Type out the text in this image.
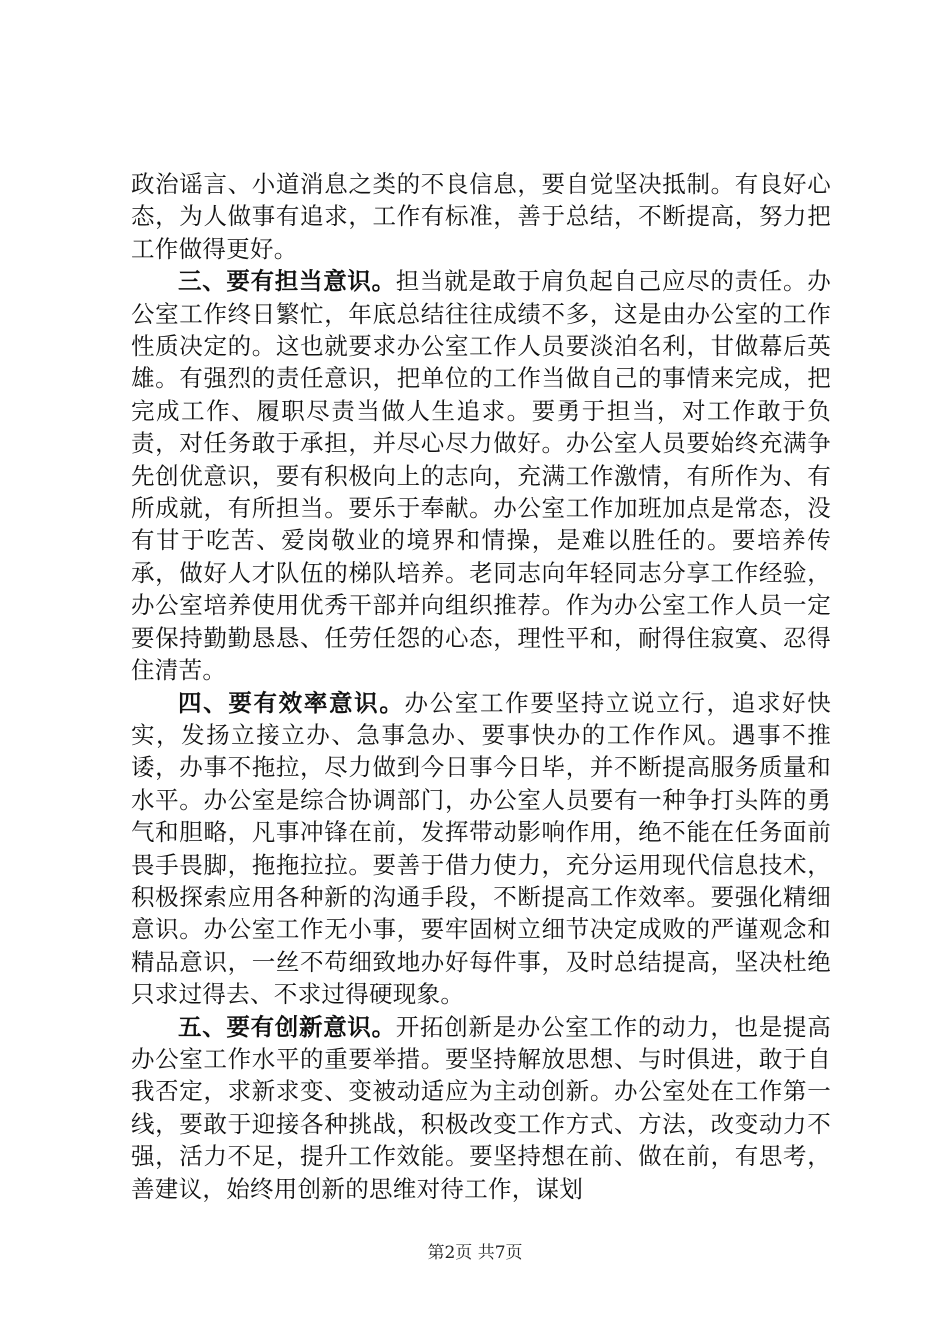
政治谣言、小道消息之类的不良信息，要自觉坚决抵制。有良好心态，为人做事有追求，工作有标准，善于总结，不断提高，努力把工作做得更好。

三、要有担当意识。担当就是敢于肩负起自己应尽的责任。办公室工作终日繁忙，年底总结往往成绩不多，这是由办公室的工作性质决定的。这也就要求办公室工作人员要淡泊名利，甘做幕后英雄。有强烈的责任意识，把单位的工作当做自己的事情来完成，把完成工作、履职尽责当做人生追求。要勇于担当，对工作敢于负责，对任务敢于承担，并尽心尽力做好。办公室人员要始终充满争先创优意识，要有积极向上的志向，充满工作激情，有所作为、有所成就，有所担当。要乐于奉献。办公室工作加班加点是常态，没有甘于吃苦、爱岗敬业的境界和情操，是难以胜任的。要培养传承，做好人才队伍的梯队培养。老同志向年轻同志分享工作经验，办公室培养使用优秀干部并向组织推荐。作为办公室工作人员一定要保持勤勤恳恳、任劳任怨的心态，理性平和，耐得住寂寞、忍得住清苦。

四、要有效率意识。办公室工作要坚持立说立行，追求好快实，发扬立接立办、急事急办、要事快办的工作作风。遇事不推诿，办事不拖拉，尽力做到今日事今日毕，并不断提高服务质量和水平。办公室是综合协调部门，办公室人员要有一种争打头阵的勇气和胆略，凡事冲锋在前，发挥带动影响作用，绝不能在任务面前畏手畏脚，拖拖拉拉。要善于借力使力，充分运用现代信息技术，积极探索应用各种新的沟通手段，不断提高工作效率。要强化精细意识。办公室工作无小事，要牢固树立细节决定成败的严谨观念和精品意识，一丝不苟细致地办好每件事，及时总结提高，坚决杜绝只求过得去、不求过得硬现象。

五、要有创新意识。开拓创新是办公室工作的动力，也是提高办公室工作水平的重要举措。要坚持解放思想、与时俱进，敢于自我否定，求新求变、变被动适应为主动创新。办公室处在工作第一线，要敢于迎接各种挑战，积极改变工作方式、方法，改变动力不强，活力不足，提升工作效能。要坚持想在前、做在前，有思考，善建议，始终用创新的思维对待工作，谋划

第2页 共7页
